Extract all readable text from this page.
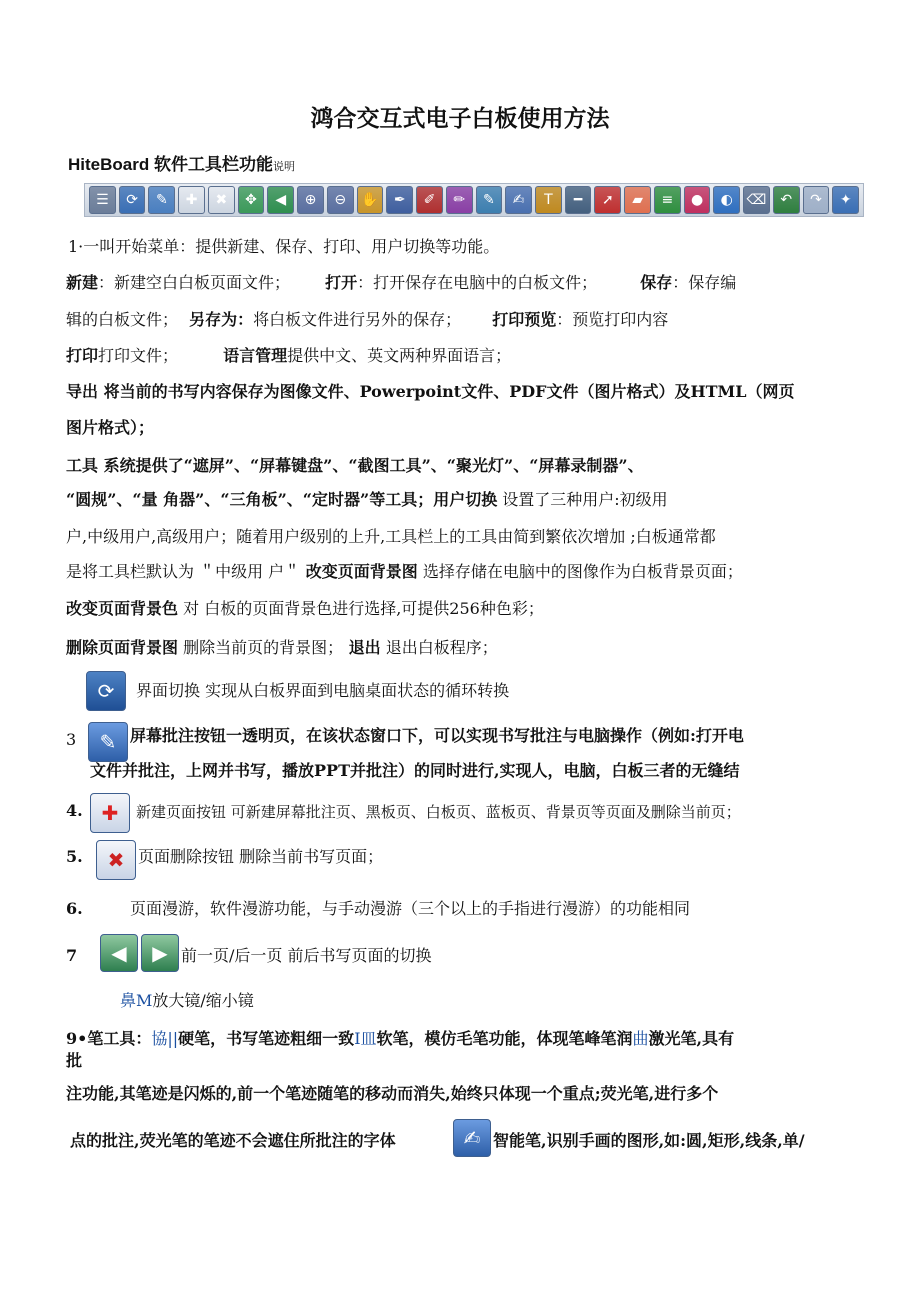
鸿合交互式电子白板使用方法
HiteBoard 软件工具栏功能说明
☰	⟳	✎	✚	✖	✥	◀	⊕	⊖	✋	✒	✐	✏	✎	✍	T	━	➚	▰	≡	●	◐ ⌫ ↶	↷	✦
1·一叫开始菜单：提供新建、保存、打印、用户切换等功能。
新建：新建空白白板页面文件； 打开：打开保存在电脑中的白板文件；	保存：保存编
辑的白板文件； 另存为：将白板文件进行另外的保存； 打印预览：预览打印内容
打印打印文件；	语言管理提供中文、英文两种界面语言；
导出 将当前的书写内容保存为图像文件、Powerpoint文件、PDF文件（图片格式）及HTML（网页
图片格式）；
工具 系统提供了“遮屏”、“屏幕键盘”、“截图工具”、“聚光灯”、“屏幕录制器”、
“圆规”、“量 角器”、“三角板”、“定时器”等工具；用户切换 设置了三种用户:初级用
户,中级用户,高级用户；随着用户级别的上升,工具栏上的工具由简到繁依次增加 ;白板通常都
是将工具栏默认为 ＂中级用 户＂ 改变页面背景图 选择存储在电脑中的图像作为白板背景页面；
改变页面背景色 对 白板的页面背景色进行选择,可提供256种色彩；
删除页面背景图 删除当前页的背景图； 退出 退出白板程序；
⟳	界面切换 实现从白板界面到电脑桌面状态的循环转换
3	✎ 屏幕批注按钮一透明页，在该状态窗口下，可以实现书写批注与电脑操作（例如:打开电
文件并批注，上网并书写，播放PPT并批注）的同时进行,实现人，电脑，白板三者的无缝结
4. ✚	新建页面按钮 可新建屏幕批注页、黑板页、白板页、蓝板页、背景页等页面及删除当前页；
5.	✖ 页面删除按钮 删除当前书写页面；
6.	页面漫游，软件漫游功能，与手动漫游（三个以上的手指进行漫游）的功能相同
7	◀	▶ 前一页/后一页 前后书写页面的切换
鼻M放大镜/缩小镜
9•笔工具：協||硬笔，书写笔迹粗细一致I皿软笔，模仿毛笔功能，体现笔峰笔润曲激光笔,具有
批
注功能,其笔迹是闪烁的,前一个笔迹随笔的移动而消失,始终只体现一个重点;荧光笔,进行多个
点的批注,荧光笔的笔迹不会遮住所批注的字体	✍ 智能笔,识别手画的图形,如:圆,矩形,线条,单/
